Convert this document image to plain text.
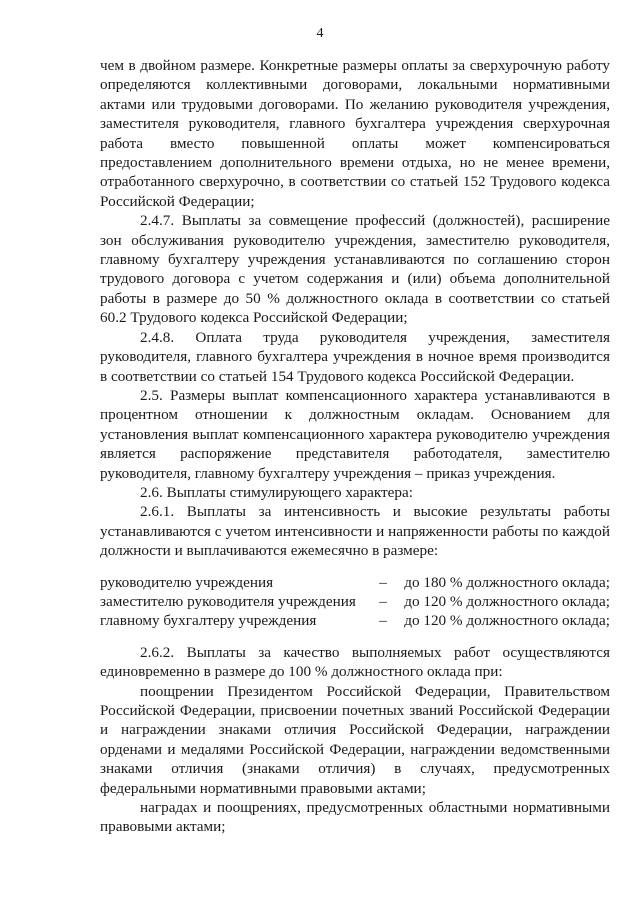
4

чем в двойном размере. Конкретные размеры оплаты за сверхурочную работу определяются коллективными договорами, локальными нормативными актами или трудовыми договорами. По желанию руководителя учреждения, заместителя руководителя, главного бухгалтера учреждения сверхурочная работа вместо повышенной оплаты может компенсироваться предоставлением дополнительного времени отдыха, но не менее времени, отработанного сверхурочно, в соответствии со статьей 152 Трудового кодекса Российской Федерации;

2.4.7. Выплаты за совмещение профессий (должностей), расширение зон обслуживания руководителю учреждения, заместителю руководителя, главному бухгалтеру учреждения устанавливаются по соглашению сторон трудового договора с учетом содержания и (или) объема дополнительной работы в размере до 50 % должностного оклада в соответствии со статьей 60.2 Трудового кодекса Российской Федерации;

2.4.8. Оплата труда руководителя учреждения, заместителя руководителя, главного бухгалтера учреждения в ночное время производится в соответствии со статьей 154 Трудового кодекса Российской Федерации.

2.5. Размеры выплат компенсационного характера устанавливаются в процентном отношении к должностным окладам. Основанием для установления выплат компенсационного характера руководителю учреждения является распоряжение представителя работодателя, заместителю руководителя, главному бухгалтеру учреждения – приказ учреждения.

2.6. Выплаты стимулирующего характера:

2.6.1. Выплаты за интенсивность и высокие результаты работы устанавливаются с учетом интенсивности и напряженности работы по каждой должности и выплачиваются ежемесячно в размере:

руководителю учреждения	–	до 180 % должностного оклада;
заместителю руководителя учреждения	–	до 120 % должностного оклада;
главному бухгалтеру учреждения	–	до 120 % должностного оклада;

2.6.2. Выплаты за качество выполняемых работ осуществляются единовременно в размере до 100 % должностного оклада при:

поощрении Президентом Российской Федерации, Правительством Российской Федерации, присвоении почетных званий Российской Федерации и награждении знаками отличия Российской Федерации, награждении орденами и медалями Российской Федерации, награждении ведомственными знаками отличия (знаками отличия) в случаях, предусмотренных федеральными нормативными правовыми актами;

наградах и поощрениях, предусмотренных областными нормативными правовыми актами;
